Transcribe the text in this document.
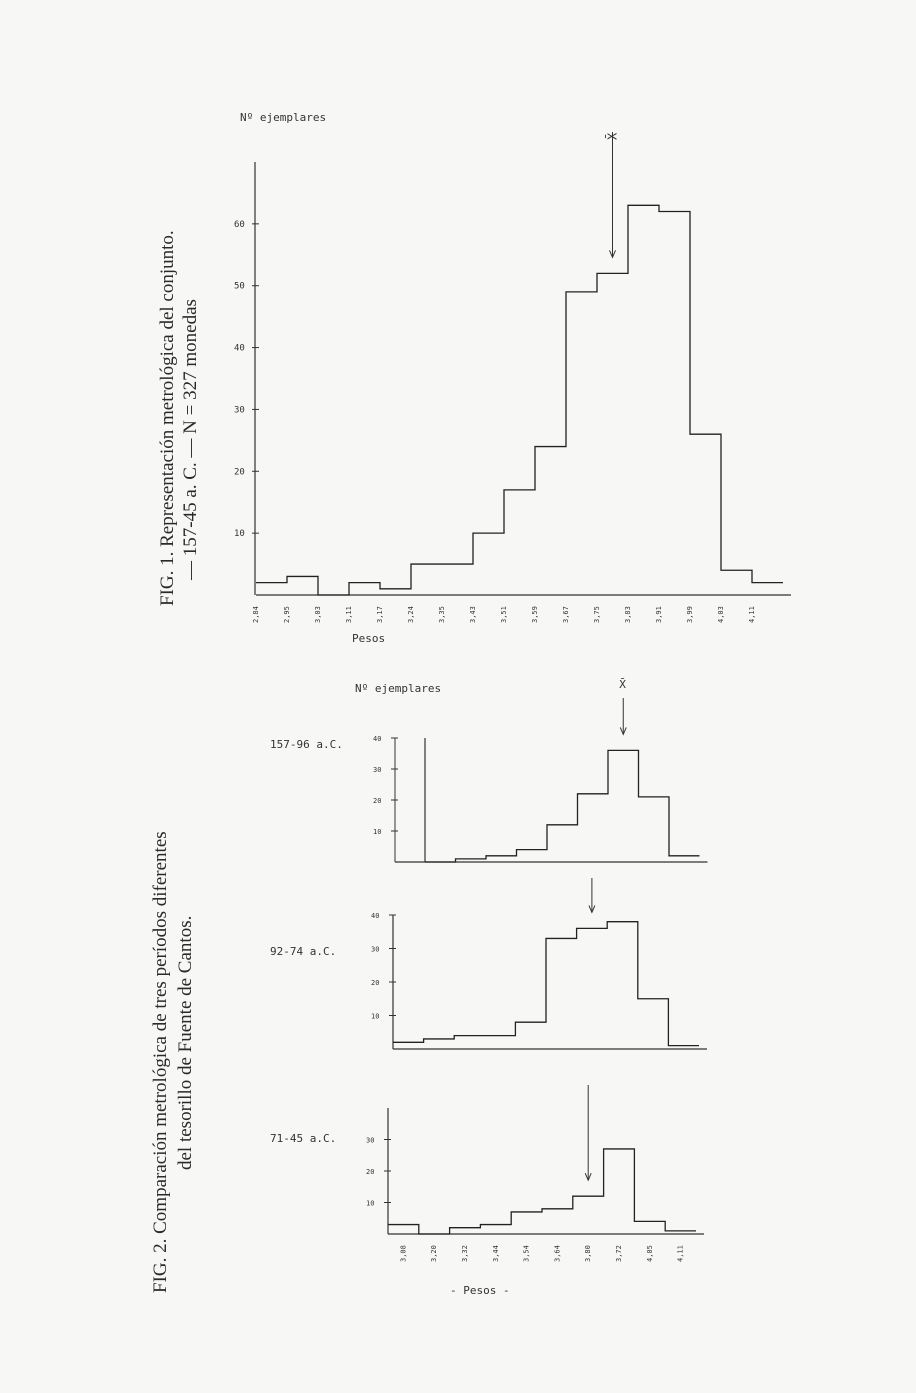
FIG. 1. Representación metrológica del conjunto. — 157-45 a. C. — N = 327 monedas
FIG. 2. Comparación metrológica de tres períodos diferentes del tesorillo de Fuente de Cantos.
10
20
30
40
50
60
2,84	2,95	3,03	3,11	3,17	3,24	3,35	3,43	3,51	3,59	3,67	3,75	3,83	3,91	3,99	4,03	4,11
X̄
Nº ejemplares
Pesos
10
20
30
40
X̄
157-96 a.C.
10
20
30
40
92-74 a.C.
10
20
30
3,08	3,20	3,32	3,44	3,54	3,64	3,80	3,72	4,05	4,11
- Pesos -
71-45 a.C.
Nº ejemplares
